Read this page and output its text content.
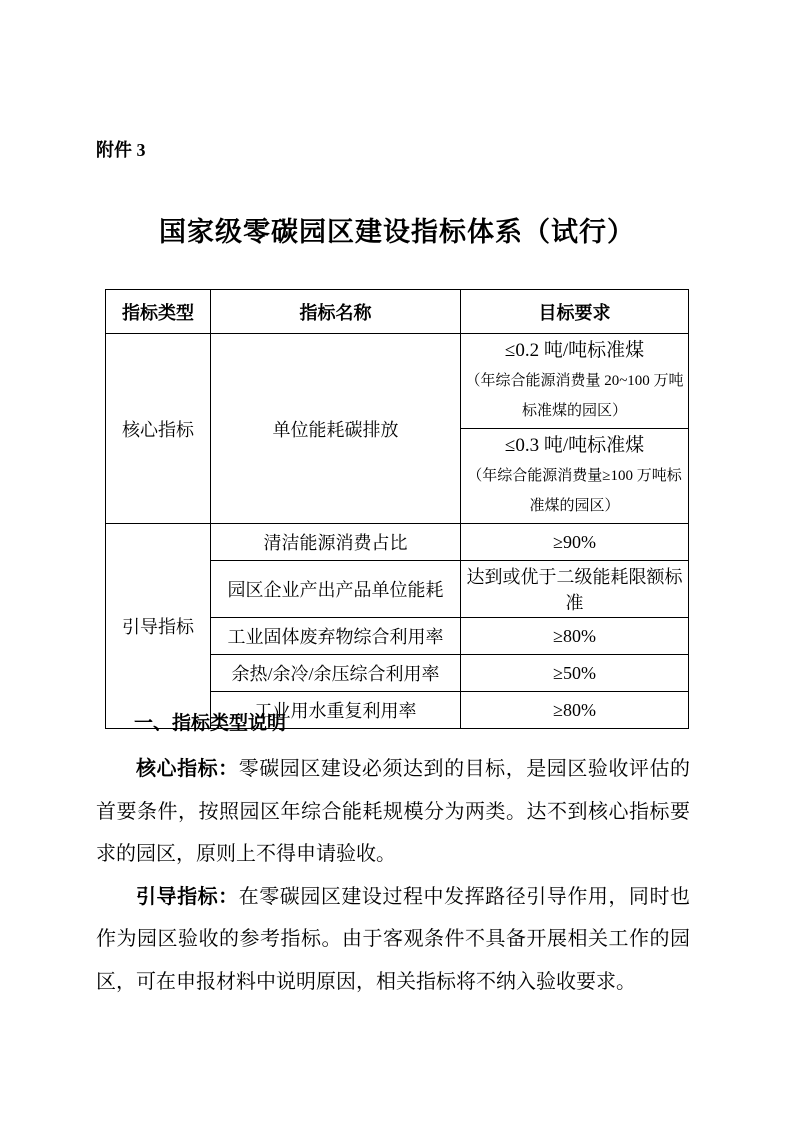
附件 3
国家级零碳园区建设指标体系（试行）
指标类型	指标名称	目标要求
核心指标	单位能耗碳排放	≤0.2 吨/吨标准煤
（年综合能源消费量 20~100 万吨标准煤的园区）

		≤0.3 吨/吨标准煤
（年综合能源消费量≥100 万吨标准煤的园区）

引导指标	清洁能源消费占比	≥90%
	园区企业产出产品单位能耗	达到或优于二级能耗限额标准
	工业固体废弃物综合利用率	≥80%
	余热/余冷/余压综合利用率	≥50%
	工业用水重复利用率	≥80%
一、指标类型说明

核心指标：零碳园区建设必须达到的目标，是园区验收评估的首要条件，按照园区年综合能耗规模分为两类。达不到核心指标要求的园区，原则上不得申请验收。

引导指标：在零碳园区建设过程中发挥路径引导作用，同时也作为园区验收的参考指标。由于客观条件不具备开展相关工作的园区，可在申报材料中说明原因，相关指标将不纳入验收要求。
